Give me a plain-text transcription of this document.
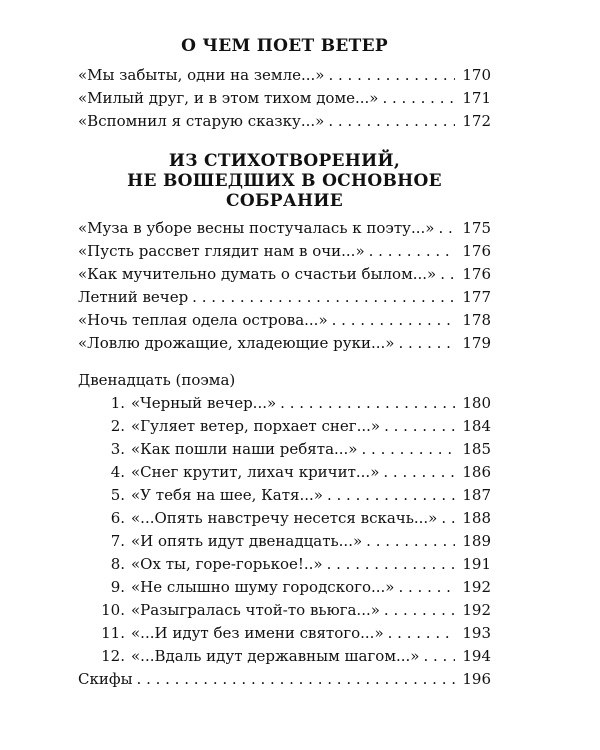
О ЧЕМ ПОЕТ ВЕТЕР
«Мы забыты, одни на земле...» . . .	170
«Милый друг, и в этом тихом доме...» . . .	171
«Вспомнил я старую сказку...» . . .	172
ИЗ СТИХОТВОРЕНИЙ,
НЕ ВОШЕДШИХ В ОСНОВНОЕ СОБРАНИЕ
«Муза в уборе весны постучалась к поэту...» . . . 175
«Пусть рассвет глядит нам в очи...» . . .	176
«Как мучительно думать о счастьи былом...» . . . 176
Летний вечер . . .	177
«Ночь теплая одела острова...» . . .	178
«Ловлю дрожащие, хладеющие руки...» . . .	179
Двенадцать (поэма)
1. «Черный вечер...» . . .	180
2. «Гуляет ветер, порхает снег...» . . .	184
3. «Как пошли наши ребята...» . . .	185
4. «Снег крутит, лихач кричит...» . . .	186
5. «У тебя на шее, Катя...» . . .	187
6. «...Опять навстречу несется вскачь...» . . . 188
7. «И опять идут двенадцать...» . . .	189
8. «Ох ты, горе-горькое!..» . . .	191
9. «Не слышно шуму городского...» . . .	192
10. «Разыгралась чтой-то вьюга...» . . .	192
11. «...И идут без имени святого...» . . .	193
12. «...Вдаль идут державным шагом...» . . .	194
Скифы . . .	196
